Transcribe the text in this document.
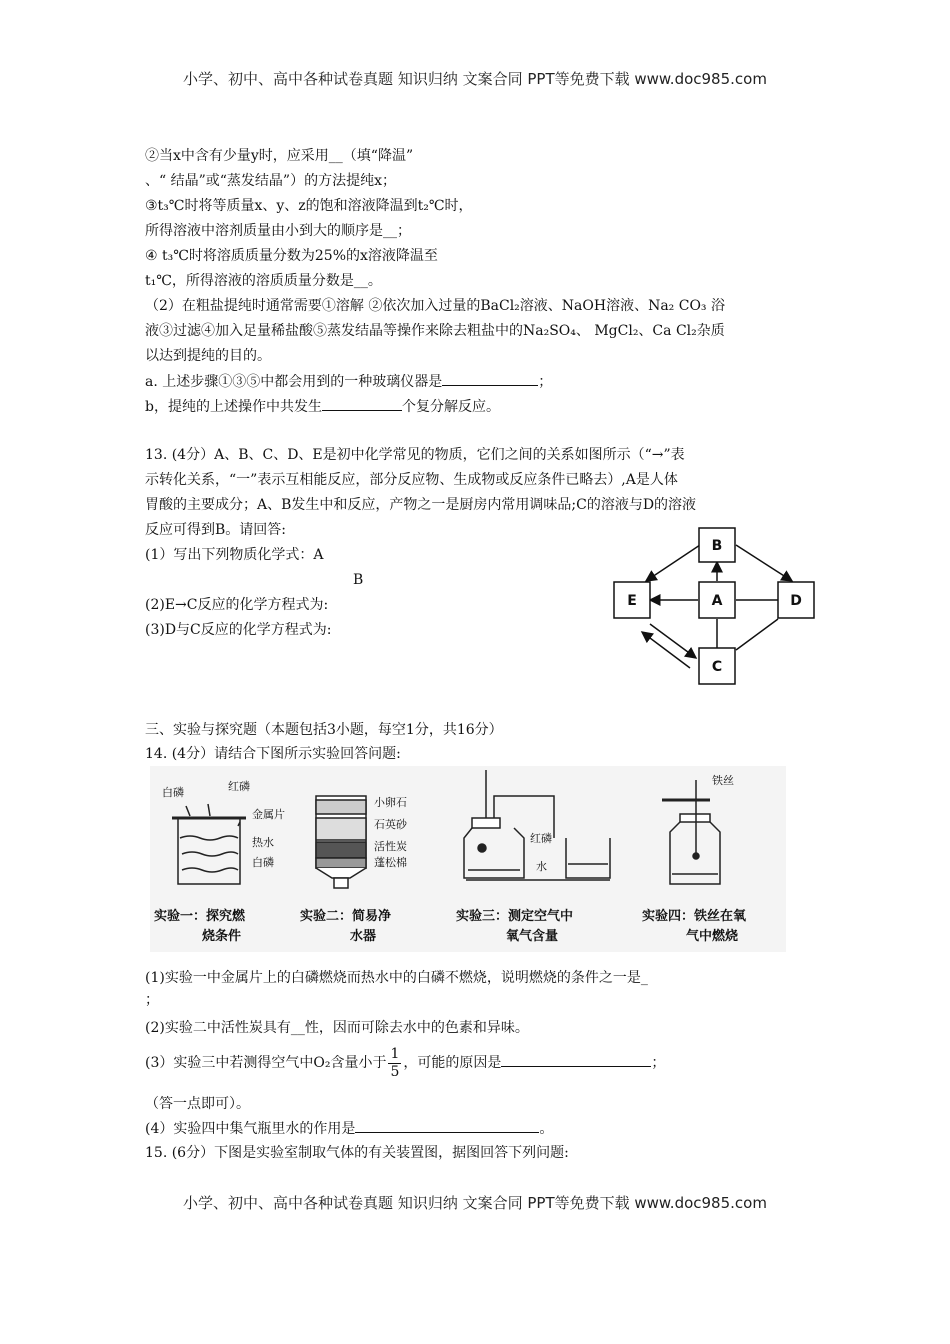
小学、初中、高中各种试卷真题 知识归纳 文案合同 PPT等免费下载 www.doc985.com
②当x中含有少量y时，应采用__（填“降温”
、“ 结晶”或“蒸发结晶”）的方法提纯x；
③t₃℃时将等质量x、y、z的饱和溶液降温到t₂℃时，
所得溶液中溶剂质量由小到大的顺序是__；
④ t₃℃时将溶质质量分数为25%的x溶液降温至
t₁℃，所得溶液的溶质质量分数是__。
（2）在粗盐提纯时通常需要①溶解 ②依次加入过量的BaCl₂溶液、NaOH溶液、Na₂ CO₃ 浴
液③过滤④加入足量稀盐酸⑤蒸发结晶等操作来除去粗盐中的Na₂SO₄、 MgCl₂、Ca Cl₂杂质
以达到提纯的目的。
a. 上述步骤①③⑤中都会用到的一种玻璃仪器是	；
b，提纯的上述操作中共发生	个复分解反应。
13. (4分）A、B、C、D、E是初中化学常见的物质，它们之间的关系如图所示（“→”表
示转化关系，“一”表示互相能反应，部分反应物、生成物或反应条件已略去）,A是人体
胃酸的主要成分；A、B发生中和反应，产物之一是厨房内常用调味品;C的溶液与D的溶液
反应可得到B。请回答:
(1）写出下列物质化学式：A
B
(2)E→C反应的化学方程式为:
(3)D与C反应的化学方程式为:
B
A
E	D
C
三、实验与探究题（本题包括3小题，每空1分，共16分）
14. (4分）请结合下图所示实验回答问题:
白磷	红磷
金属片
热水
白磷
实验一：探究燃
烧条件
小卵石
石英砂
活性炭
蓬松棉
实验二：简易净
水器
红磷
水
实验三：测定空气中
氧气含量
铁丝
实验四：铁丝在氧
气中燃烧
(1)实验一中金属片上的白磷燃烧而热水中的白磷不燃烧，说明燃烧的条件之一是_
；
(2)实验二中活性炭具有__性，因而可除去水中的色素和异味。
(3）实验三中若测得空气中O₂含量小于 $\frac{1}{5}$ ，可能的原因是	；
（答一点即可）。
(4）实验四中集气瓶里水的作用是	。
15. (6分）下图是实验室制取气体的有关装置图，据图回答下列问题:
小学、初中、高中各种试卷真题 知识归纳 文案合同 PPT等免费下载 www.doc985.com
